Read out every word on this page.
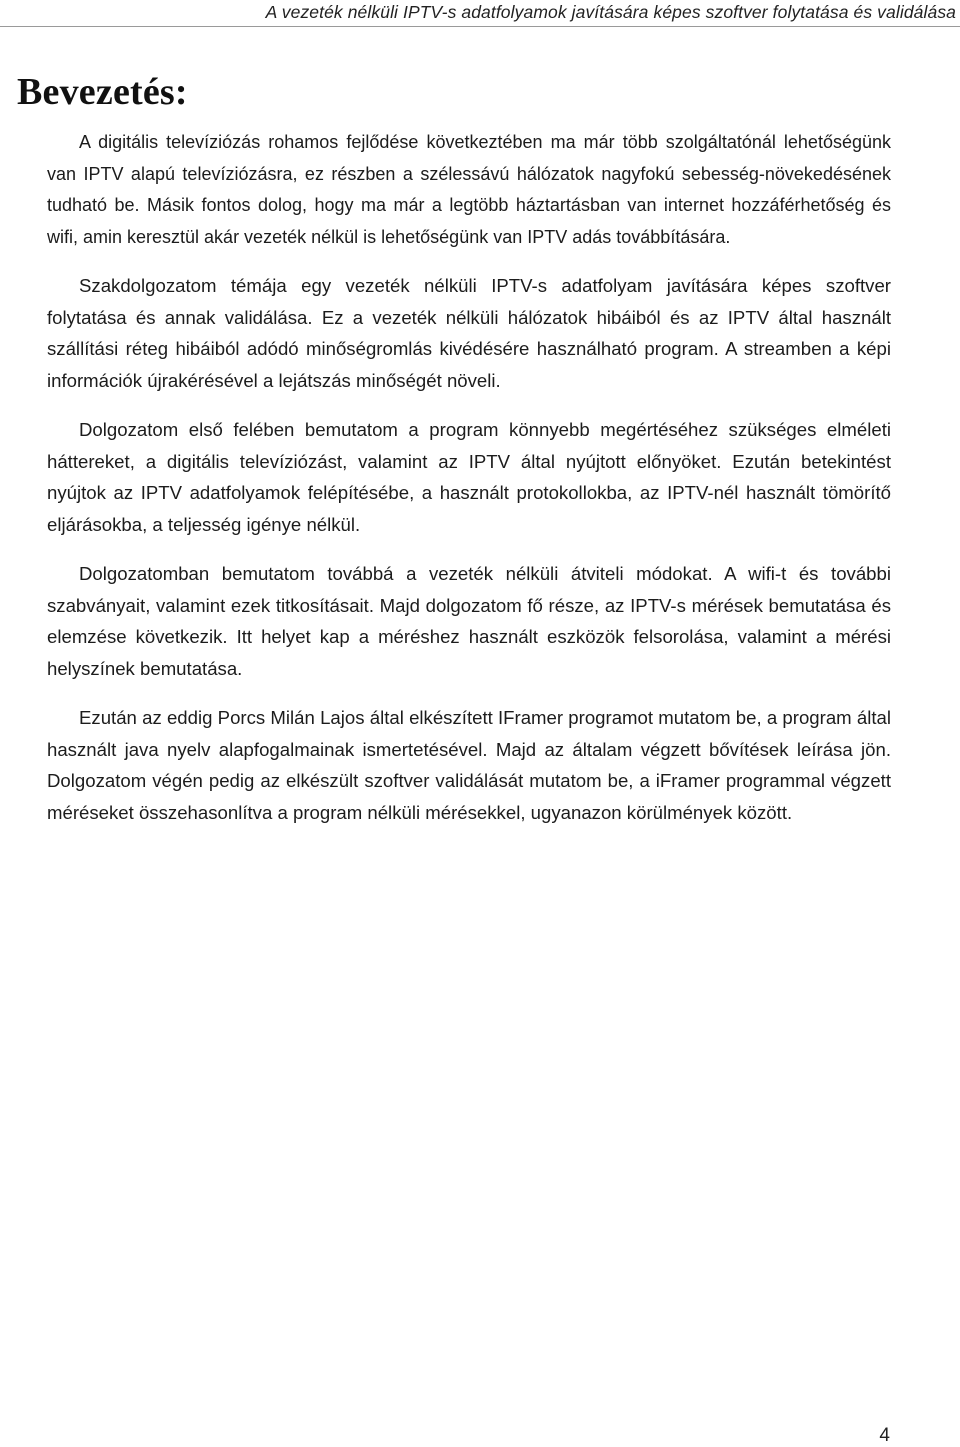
A vezeték nélküli IPTV-s adatfolyamok javítására képes szoftver folytatása és validálása
Bevezetés:

A digitális televíziózás rohamos fejlődése következtében ma már több szolgáltatónál lehetőségünk van IPTV alapú televíziózásra, ez részben a szélessávú hálózatok nagyfokú sebesség-növekedésének tudható be. Másik fontos dolog, hogy ma már a legtöbb háztartásban van internet hozzáférhetőség és wifi, amin keresztül akár vezeték nélkül is lehetőségünk van IPTV adás továbbítására.

Szakdolgozatom témája egy vezeték nélküli IPTV-s adatfolyam javítására képes szoftver folytatása és annak validálása. Ez a vezeték nélküli hálózatok hibáiból és az IPTV által használt szállítási réteg hibáiból adódó minőségromlás kivédésére használható program. A streamben a képi információk újrakérésével a lejátszás minőségét növeli.

Dolgozatom első felében bemutatom a program könnyebb megértéséhez szükséges elméleti háttereket, a digitális televíziózást, valamint az IPTV által nyújtott előnyöket. Ezután betekintést nyújtok az IPTV adatfolyamok felépítésébe, a használt protokollokba, az IPTV-nél használt tömörítő eljárásokba, a teljesség igénye nélkül.

Dolgozatomban bemutatom továbbá a vezeték nélküli átviteli módokat. A wifi-t és további szabványait, valamint ezek titkosításait. Majd dolgozatom fő része, az IPTV-s mérések bemutatása és elemzése következik. Itt helyet kap a méréshez használt eszközök felsorolása, valamint a mérési helyszínek bemutatása.

Ezután az eddig Porcs Milán Lajos által elkészített IFramer programot mutatom be, a program által használt java nyelv alapfogalmainak ismertetésével. Majd az általam végzett bővítések leírása jön. Dolgozatom végén pedig az elkészült szoftver validálását mutatom be, a iFramer programmal végzett méréseket összehasonlítva a program nélküli mérésekkel, ugyanazon körülmények között.

4
